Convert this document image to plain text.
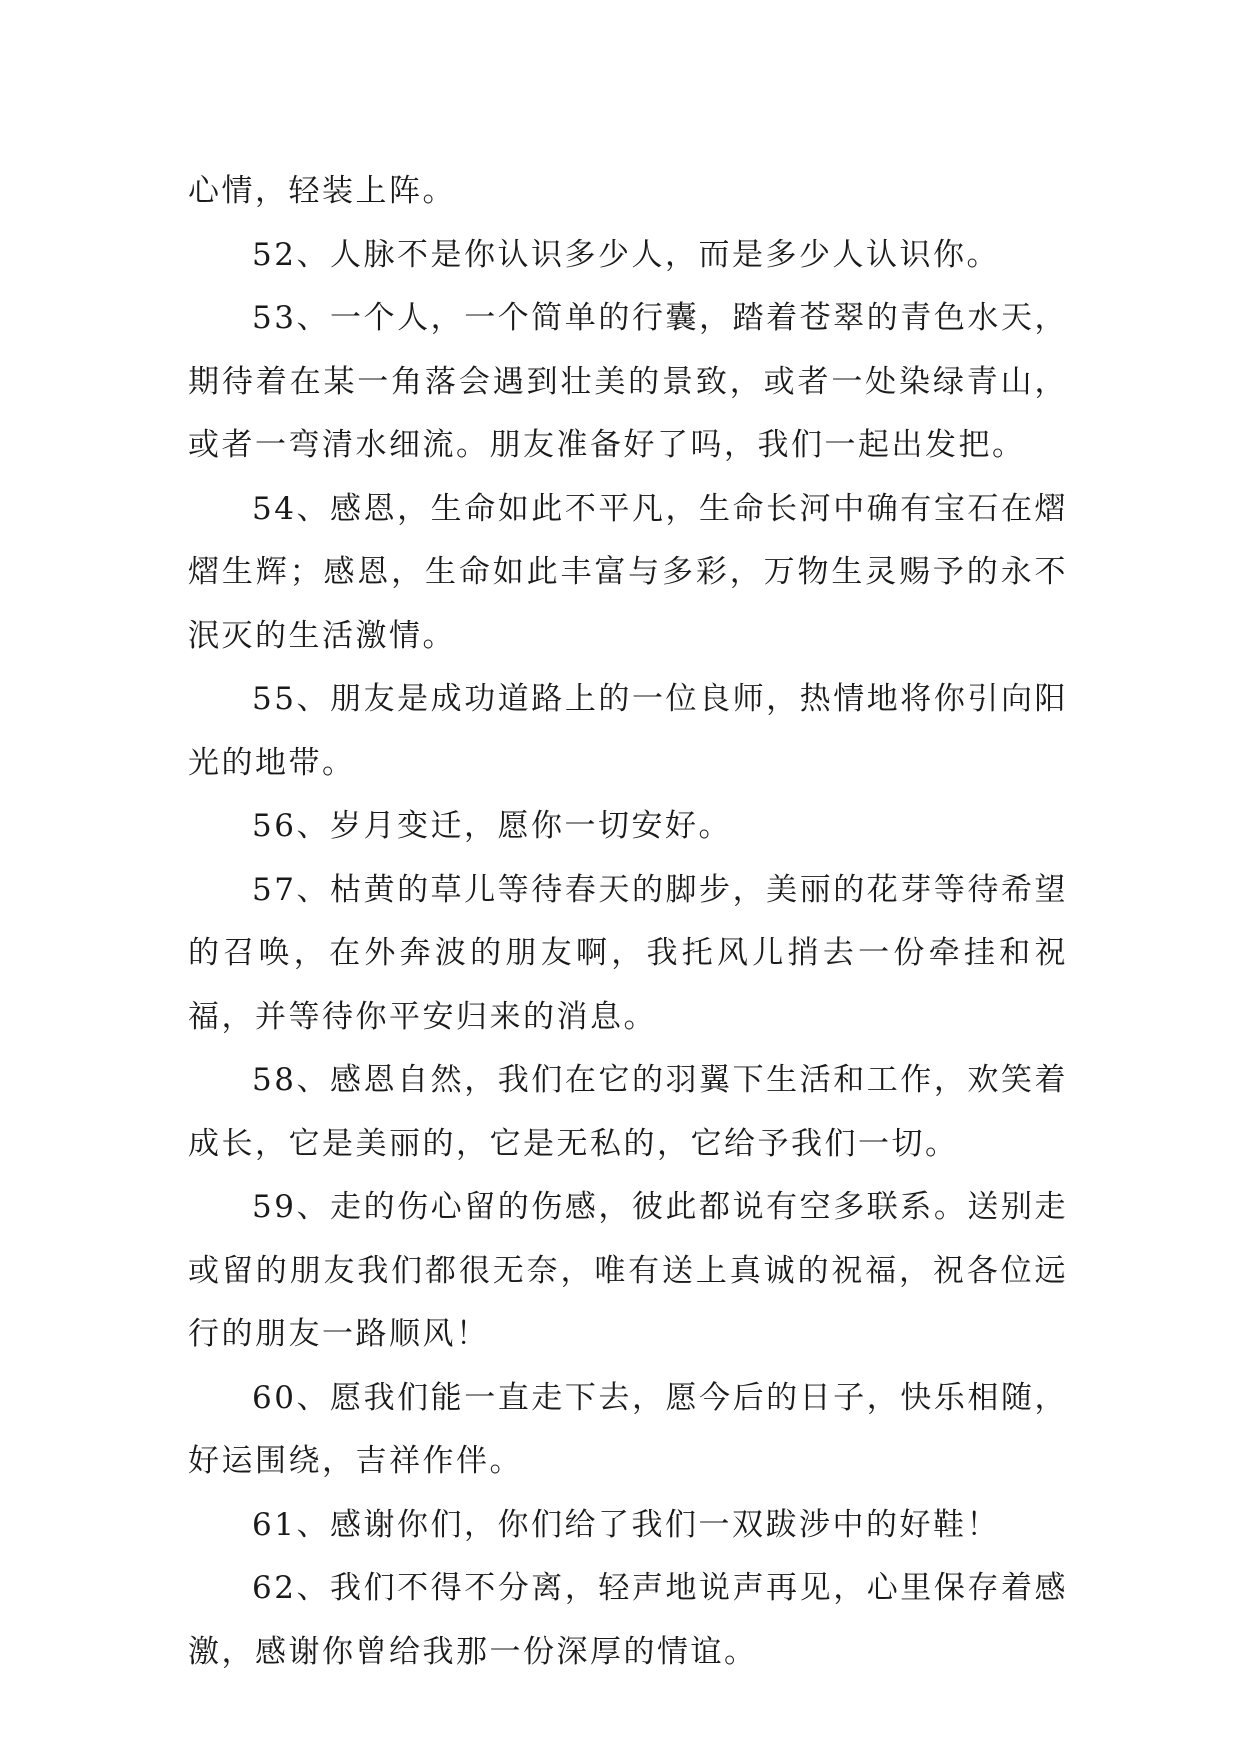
心情，轻装上阵。

52、人脉不是你认识多少人，而是多少人认识你。

53、一个人，一个简单的行囊，踏着苍翠的青色水天，期待着在某一角落会遇到壮美的景致，或者一处染绿青山，或者一弯清水细流。朋友准备好了吗，我们一起出发把。

54、感恩，生命如此不平凡，生命长河中确有宝石在熠熠生辉；感恩，生命如此丰富与多彩，万物生灵赐予的永不泯灭的生活激情。

55、朋友是成功道路上的一位良师，热情地将你引向阳光的地带。

56、岁月变迁，愿你一切安好。

57、枯黄的草儿等待春天的脚步，美丽的花芽等待希望的召唤，在外奔波的朋友啊，我托风儿捎去一份牵挂和祝福，并等待你平安归来的消息。

58、感恩自然，我们在它的羽翼下生活和工作，欢笑着成长，它是美丽的，它是无私的，它给予我们一切。

59、走的伤心留的伤感，彼此都说有空多联系。送别走或留的朋友我们都很无奈，唯有送上真诚的祝福，祝各位远行的朋友一路顺风！

60、愿我们能一直走下去，愿今后的日子，快乐相随，好运围绕，吉祥作伴。

61、感谢你们，你们给了我们一双跋涉中的好鞋！

62、我们不得不分离，轻声地说声再见，心里保存着感激，感谢你曾给我那一份深厚的情谊。
